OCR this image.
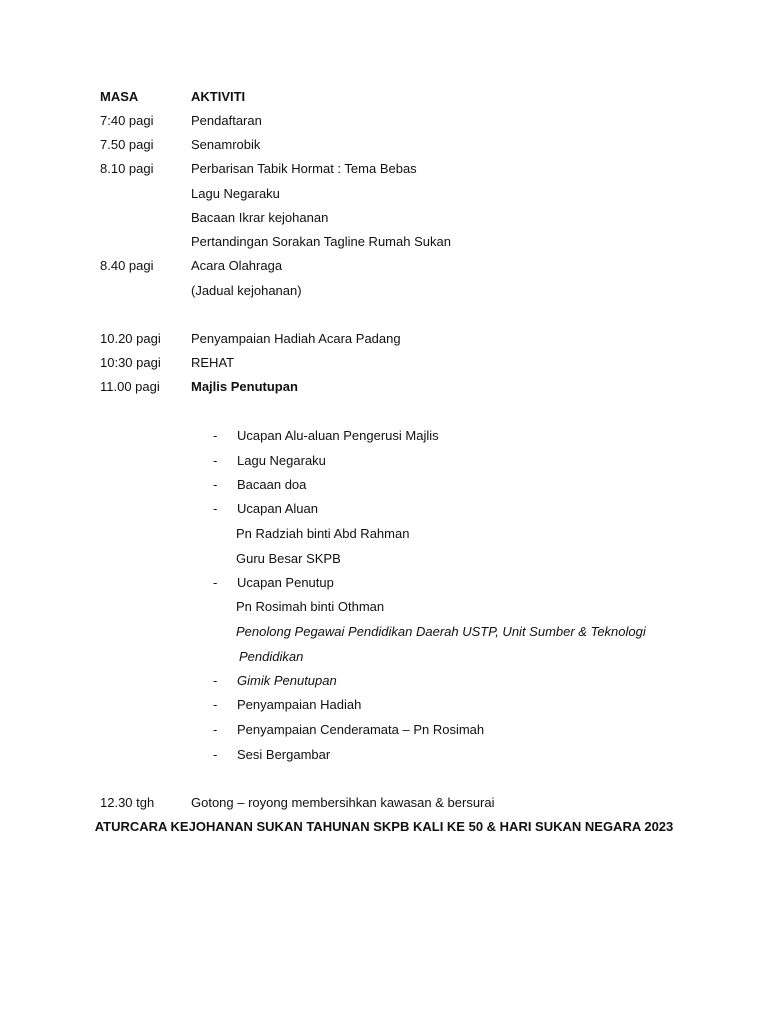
MASA	AKTIVITI
7:40 pagi	Pendaftaran
7.50 pagi	Senamrobik
8.10 pagi	Perbarisan Tabik Hormat : Tema Bebas
Lagu Negaraku
Bacaan Ikrar kejohanan
Pertandingan Sorakan Tagline Rumah Sukan
8.40 pagi	Acara Olahraga
(Jadual kejohanan)
10.20 pagi Penyampaian Hadiah Acara Padang
10:30 pagi REHAT
11.00 pagi Majlis Penutupan
- Ucapan Alu-aluan Pengerusi Majlis
- Lagu Negaraku
- Bacaan doa
- Ucapan Aluan
Pn Radziah binti Abd Rahman
Guru Besar SKPB
- Ucapan Penutup
Pn Rosimah binti Othman
Penolong Pegawai Pendidikan Daerah USTP, Unit Sumber & Teknologi
Pendidikan
- Gimik Penutupan
- Penyampaian Hadiah
- Penyampaian Cenderamata – Pn Rosimah
- Sesi Bergambar
12.30 tgh	Gotong – royong membersihkan kawasan & bersurai
ATURCARA KEJOHANAN SUKAN TAHUNAN SKPB KALI KE 50 & HARI SUKAN NEGARA 2023
